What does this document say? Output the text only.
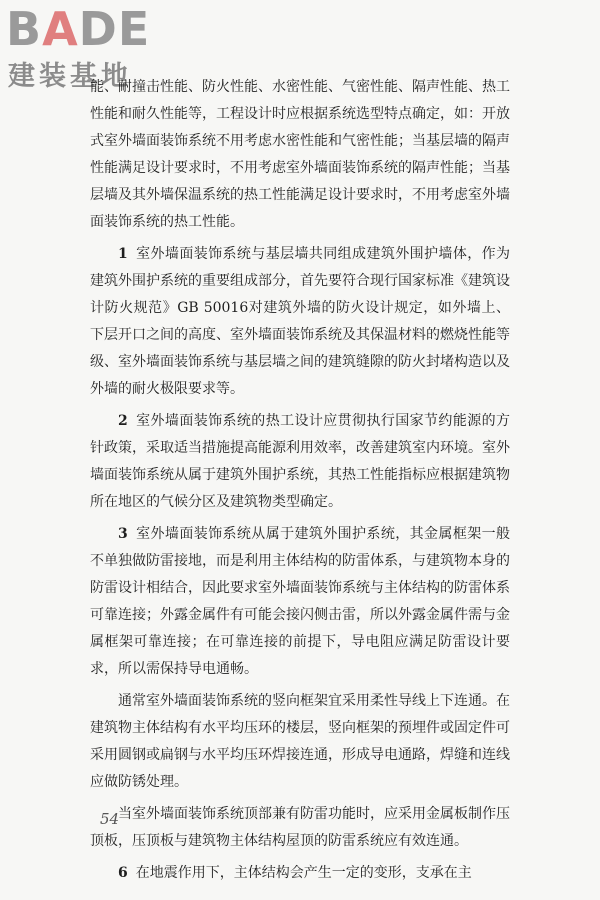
BADE
建装基地

能、耐撞击性能、防火性能、水密性能、气密性能、隔声性能、热工性能和耐久性能等，工程设计时应根据系统选型特点确定，如：开放式室外墙面装饰系统不用考虑水密性能和气密性能；当基层墙的隔声性能满足设计要求时，不用考虑室外墙面装饰系统的隔声性能；当基层墙及其外墙保温系统的热工性能满足设计要求时，不用考虑室外墙面装饰系统的热工性能。

1 室外墙面装饰系统与基层墙共同组成建筑外围护墙体，作为建筑外围护系统的重要组成部分，首先要符合现行国家标准《建筑设计防火规范》GB 50016对建筑外墙的防火设计规定，如外墙上、下层开口之间的高度、室外墙面装饰系统及其保温材料的燃烧性能等级、室外墙面装饰系统与基层墙之间的建筑缝隙的防火封堵构造以及外墙的耐火极限要求等。

2 室外墙面装饰系统的热工设计应贯彻执行国家节约能源的方针政策，采取适当措施提高能源利用效率，改善建筑室内环境。室外墙面装饰系统从属于建筑外围护系统，其热工性能指标应根据建筑物所在地区的气候分区及建筑物类型确定。

3 室外墙面装饰系统从属于建筑外围护系统，其金属框架一般不单独做防雷接地，而是利用主体结构的防雷体系，与建筑物本身的防雷设计相结合，因此要求室外墙面装饰系统与主体结构的防雷体系可靠连接；外露金属件有可能会接闪侧击雷，所以外露金属件需与金属框架可靠连接；在可靠连接的前提下，导电阻应满足防雷设计要求，所以需保持导电通畅。

通常室外墙面装饰系统的竖向框架宜采用柔性导线上下连通。在建筑物主体结构有水平均压环的楼层，竖向框架的预埋件或固定件可采用圆钢或扁钢与水平均压环焊接连通，形成导电通路，焊缝和连线应做防锈处理。

当室外墙面装饰系统顶部兼有防雷功能时，应采用金属板制作压顶板，压顶板与建筑物主体结构屋顶的防雷系统应有效连通。

6 在地震作用下，主体结构会产生一定的变形，支承在主

54
